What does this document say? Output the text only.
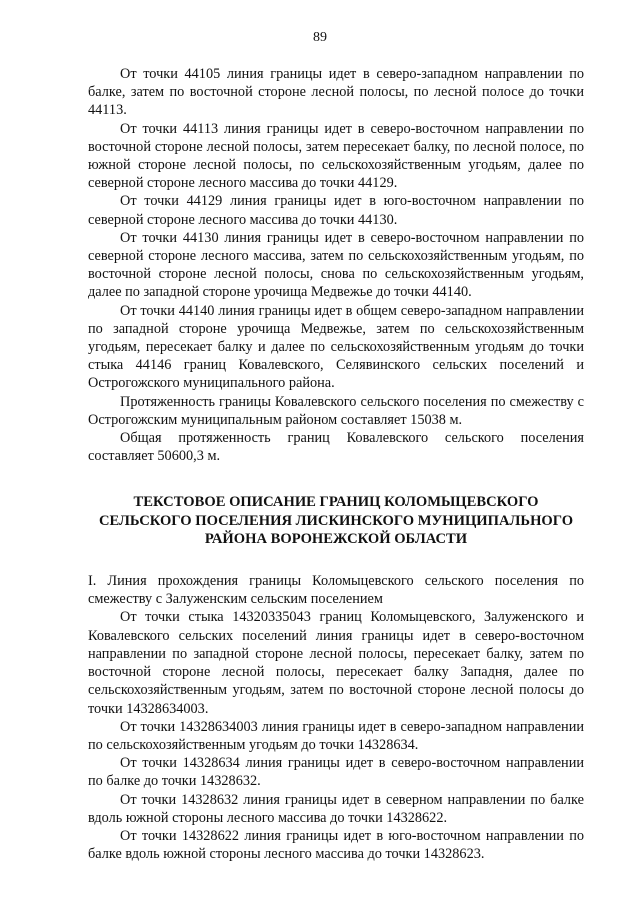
89

От точки 44105 линия границы идет в северо-западном направлении по балке, затем по восточной стороне лесной полосы, по лесной полосе до точки 44113.

От точки 44113 линия границы идет в северо-восточном направлении по восточной стороне лесной полосы, затем пересекает балку, по лесной полосе, по южной стороне лесной полосы, по сельскохозяйственным угодьям, далее по северной стороне лесного массива до точки 44129.

От точки 44129 линия границы идет в юго-восточном направлении по северной стороне лесного массива до точки 44130.

От точки 44130 линия границы идет в северо-восточном направлении по северной стороне лесного массива, затем по сельскохозяйственным угодьям, по восточной стороне лесной полосы, снова по сельскохозяйственным угодьям, далее по западной стороне урочища Медвежье до точки 44140.

От точки 44140 линия границы идет в общем северо-западном направлении по западной стороне урочища Медвежье, затем по сельскохозяйственным угодьям, пересекает балку и далее по сельскохозяйственным угодьям до точки стыка 44146 границ Ковалевского, Селявинского сельских поселений и Острогожского муниципального района.

Протяженность границы Ковалевского сельского поселения по смежеству с Острогожским муниципальным районом составляет 15038 м.

Общая протяженность границ Ковалевского сельского поселения составляет 50600,3 м.

ТЕКСТОВОЕ ОПИСАНИЕ ГРАНИЦ КОЛОМЫЦЕВСКОГО
СЕЛЬСКОГО ПОСЕЛЕНИЯ ЛИСКИНСКОГО МУНИЦИПАЛЬНОГО
РАЙОНА ВОРОНЕЖСКОЙ ОБЛАСТИ

I. Линия прохождения границы Коломыцевского сельского поселения по смежеству с Залуженским сельским поселением

От точки стыка 14320335043 границ Коломыцевского, Залуженского и Ковалевского сельских поселений линия границы идет в северо-восточном направлении по западной стороне лесной полосы, пересекает балку, затем по восточной стороне лесной полосы, пересекает балку Западня, далее по сельскохозяйственным угодьям, затем по восточной стороне лесной полосы до точки 14328634003.

От точки 14328634003 линия границы идет в северо-западном направлении по сельскохозяйственным угодьям до точки 14328634.

От точки 14328634 линия границы идет в северо-восточном направлении по балке до точки 14328632.

От точки 14328632 линия границы идет в северном направлении по балке вдоль южной стороны лесного массива до точки 14328622.

От точки 14328622 линия границы идет в юго-восточном направлении по балке вдоль южной стороны лесного массива до точки 14328623.
